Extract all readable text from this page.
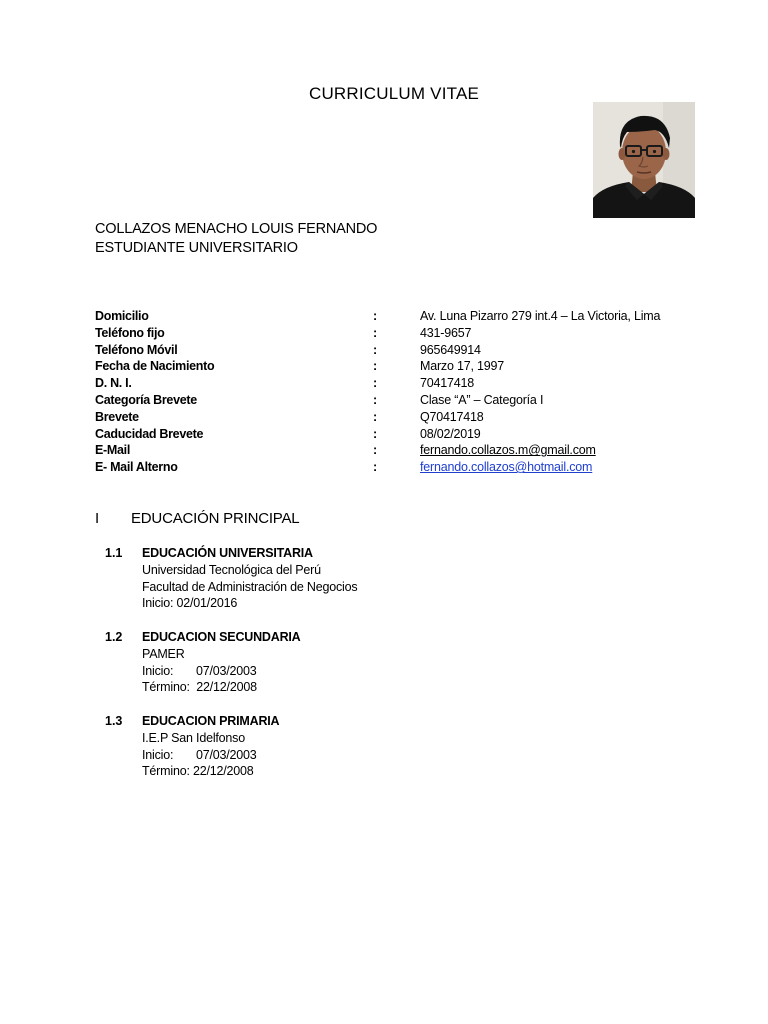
CURRICULUM VITAE
COLLAZOS MENACHO LOUIS FERNANDO
ESTUDIANTE UNIVERSITARIO
Domicilio	:	Av. Luna Pizarro 279 int.4 – La Victoria, Lima
Teléfono fijo	:	431-9657
Teléfono Móvil	:	965649914
Fecha de Nacimiento	:	Marzo 17, 1997
D. N. I.	:	70417418
Categoría Brevete	:	Clase “A” – Categoría I
Brevete	:	Q70417418
Caducidad Brevete	:	08/02/2019
E-Mail	:	fernando.collazos.m@gmail.com
E- Mail Alterno	:	fernando.collazos@hotmail.com
I EDUCACIÓN PRINCIPAL
1.1 EDUCACIÓN UNIVERSITARIA
Universidad Tecnológica del Perú
Facultad de Administración de Negocios
Inicio: 02/01/2016
1.2 EDUCACION SECUNDARIA
PAMER
Inicio: 07/03/2003
Término: 22/12/2008
1.3 EDUCACION PRIMARIA
I.E.P San Idelfonso
Inicio: 07/03/2003
Término: 22/12/2008
